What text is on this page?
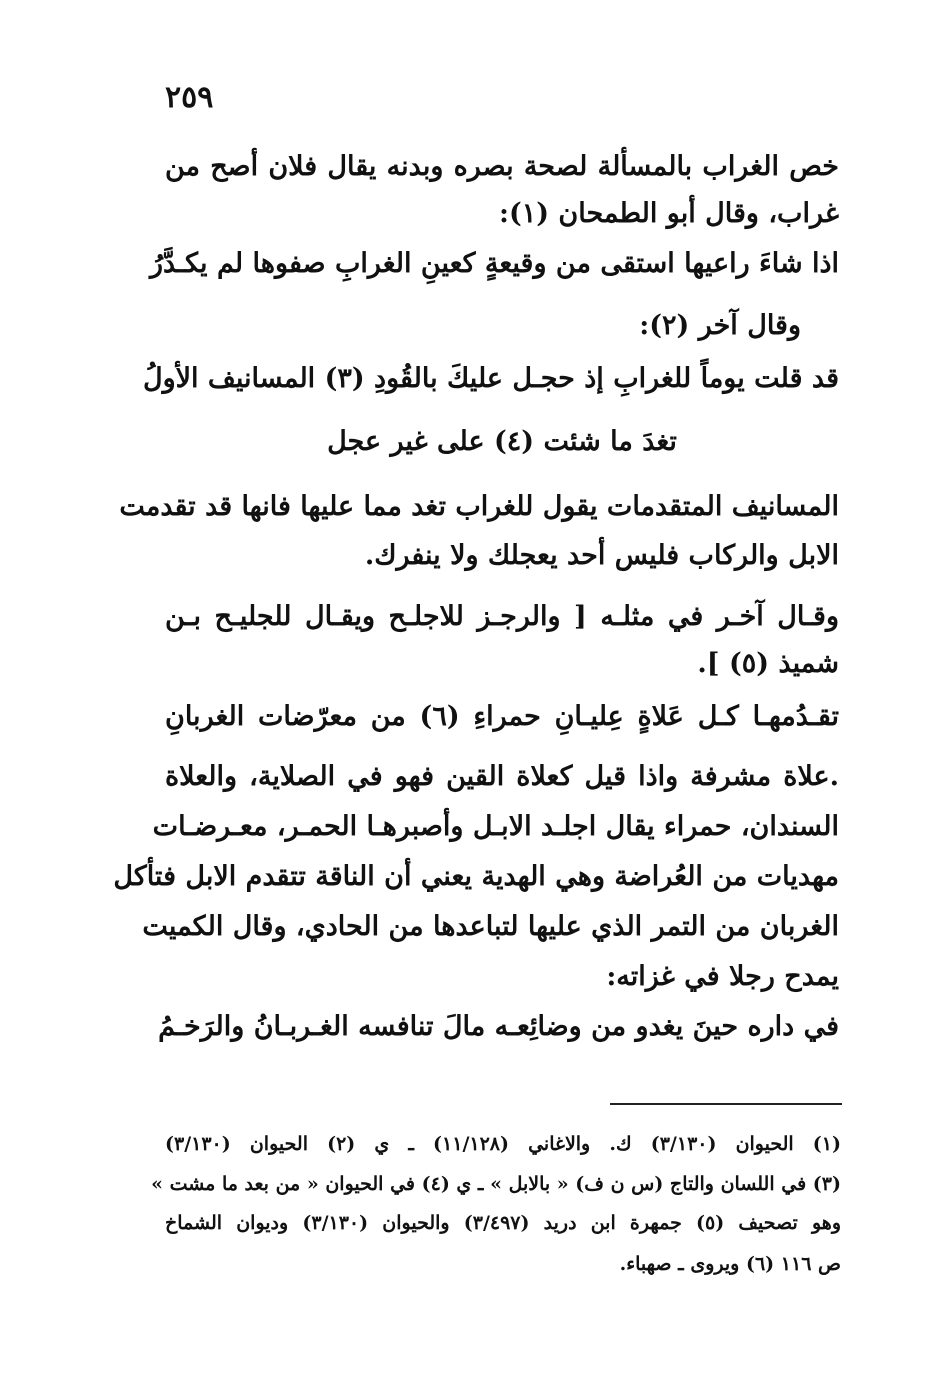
٢٥٩
خص الغراب بالمسألة لصحة بصره وبدنه يقال فلان أصح من
غراب، وقال أبو الطمحان (١):
اذا شاءَ راعيها استقى من وقيعةٍ كعينِ الغرابِ صفوها لم يكـدَّرُ
وقال آخر (٢):
قد قلت يوماً للغرابِ إذ حجـل عليكَ بالقُودِ (٣) المسانيف الأولُ
تغدَ ما شئت (٤) على غير عجل
المسانيف المتقدمات يقول للغراب تغد مما عليها فانها قد تقدمت
الابل والركاب فليس أحد يعجلك ولا ينفرك.
وقـال آخـر في مثلـه [ والرجـز للاجلـح ويقـال للجليـح بـن
شميذ (٥) ].
تقـدُمهـا كـل عَلاةٍ عِليـانِ حمراءِ (٦) من معرّضات الغربانِ
.علاة مشرفة واذا قيل كعلاة القين فهو في الصلاية، والعلاة
السندان، حمراء يقال اجلـد الابـل وأصبرهـا الحمـر، معـرضـات
مهديات من العُراضة وهي الهدية يعني أن الناقة تتقدم الابل فتأكل
الغربان من التمر الذي عليها لتباعدها من الحادي، وقال الكميت
يمدح رجلا في غزاته:
في داره حينَ يغدو من وضائِعـه مالَ تنافسه الغـربـانُ والرَخـمُ
(١) الحيوان (٣/١٣٠) ك. والاغاني (١١/١٢٨) ـ ي (٢) الحيوان (٣/١٣٠)
(٣) في اللسان والتاج (س ن ف) « بالابل » ـ ي (٤) في الحيوان « من بعد ما مشت »
وهو تصحيف (٥) جمهرة ابن دريد (٣/٤٩٧) والحيوان (٣/١٣٠) وديوان الشماخ
ص ١١٦ (٦) ويروى ـ صهباء.
